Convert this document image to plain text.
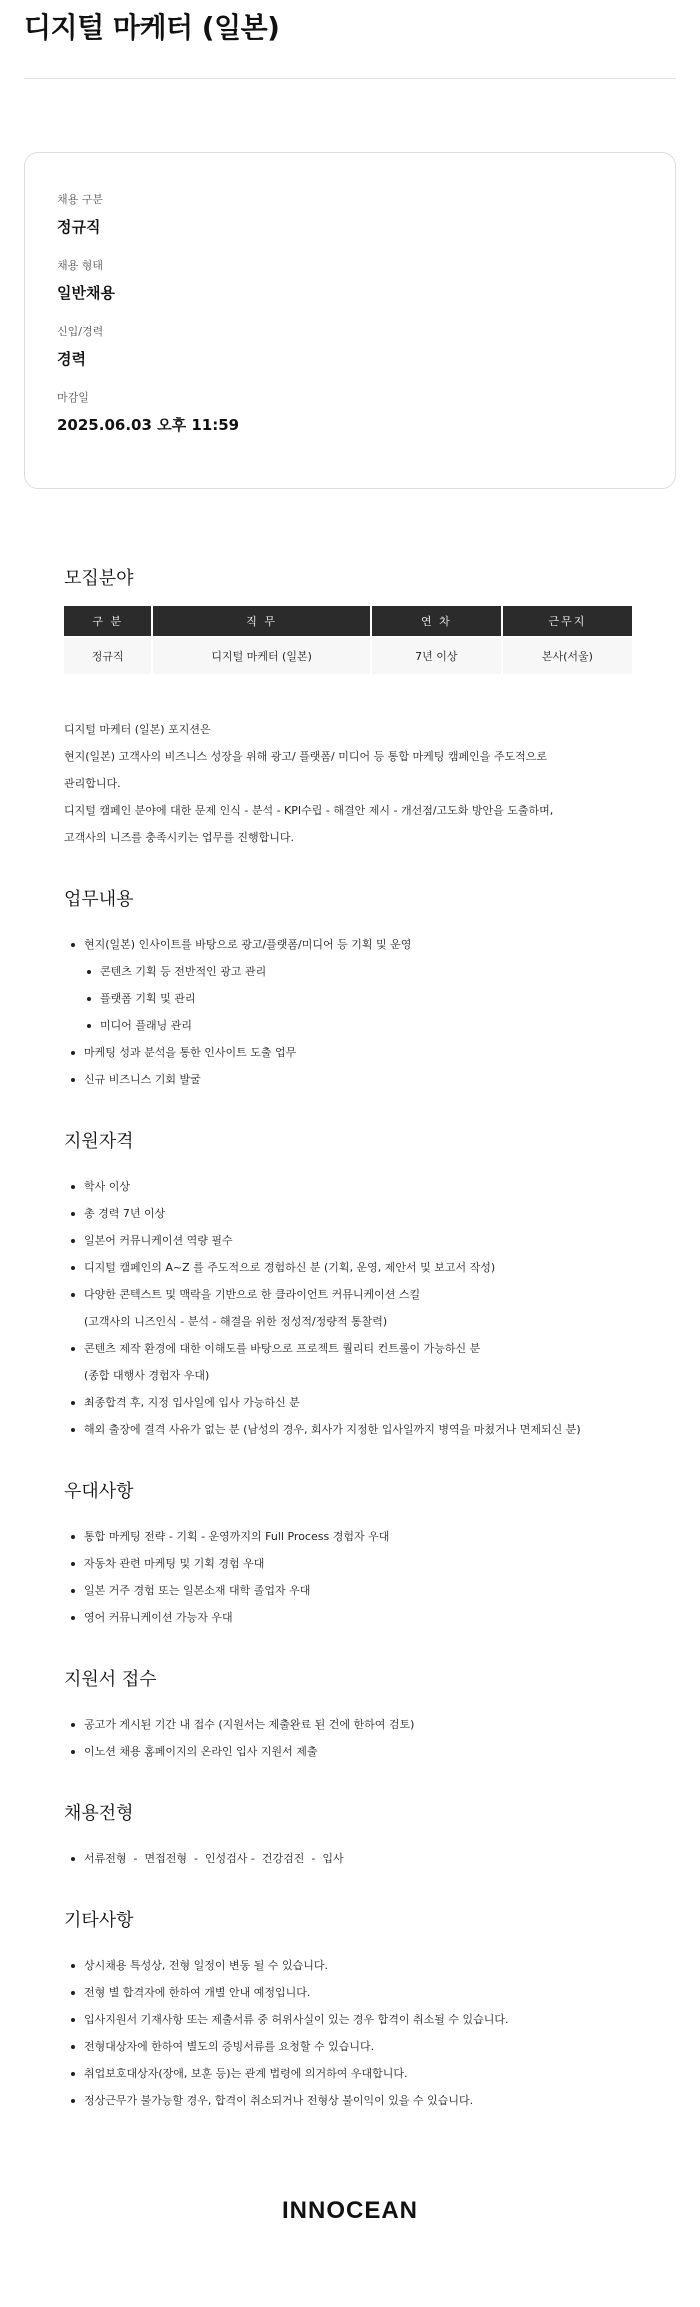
디지털 마케터 (일본)
채용 구분
정규직
채용 형태
일반채용
신입/경력
경력
마감일
2025.06.03 오후 11:59
모집분야
구 분	직 무	연 차	근무지
정규직	디지털 마케터 (일본)	7년 이상	본사(서울)
디지털 마케터 (일본) 포지션은
현지(일본) 고객사의 비즈니스 성장을 위해 광고/ 플랫폼/ 미디어 등 통합 마케팅 캠페인을 주도적으로
관리합니다.
디지털 캠페인 분야에 대한 문제 인식 - 분석 - KPI수립 - 해결안 제시 - 개선점/고도화 방안을 도출하며,
고객사의 니즈를 충족시키는 업무를 진행합니다.
업무내용
현지(일본) 인사이트를 바탕으로 광고/플랫폼/미디어 등 기획 및 운영
콘텐츠 기획 등 전반적인 광고 관리
플랫폼 기획 및 관리
미디어 플래닝 관리
마케팅 성과 분석을 통한 인사이트 도출 업무
신규 비즈니스 기회 발굴
지원자격
학사 이상
총 경력 7년 이상
일본어 커뮤니케이션 역량 필수
디지털 캠페인의 A~Z 를 주도적으로 경험하신 분 (기획, 운영, 제안서 및 보고서 작성)
다양한 콘텍스트 및 맥락을 기반으로 한 클라이언트 커뮤니케이션 스킬
(고객사의 니즈인식 - 분석 - 해결을 위한 정성적/정량적 통찰력)
콘텐츠 제작 환경에 대한 이해도를 바탕으로 프로젝트 퀄리티 컨트롤이 가능하신 분
(종합 대행사 경험자 우대)
최종합격 후, 지정 입사일에 입사 가능하신 분
해외 출장에 결격 사유가 없는 분 (남성의 경우, 회사가 지정한 입사일까지 병역을 마쳤거나 면제되신 분)
우대사항
통합 마케팅 전략 - 기획 - 운영까지의 Full Process 경험자 우대
자동차 관련 마케팅 및 기획 경험 우대
일본 거주 경험 또는 일본소재 대학 졸업자 우대
영어 커뮤니케이션 가능자 우대
지원서 접수
공고가 게시된 기간 내 접수 (지원서는 제출완료 된 건에 한하여 검토)
이노션 채용 홈페이지의 온라인 입사 지원서 제출
채용전형
서류전형  -  면접전형  -  인성검사 -  건강검진  -  입사
기타사항
상시채용 특성상, 전형 일정이 변동 될 수 있습니다.
전형 별 합격자에 한하여 개별 안내 예정입니다.
입사지원서 기재사항 또는 제출서류 중 허위사실이 있는 경우 합격이 취소될 수 있습니다.
전형대상자에 한하여 별도의 증빙서류를 요청할 수 있습니다.
취업보호대상자(장애, 보훈 등)는 관계 법령에 의거하여 우대합니다.
정상근무가 불가능할 경우, 합격이 취소되거나 전형상 불이익이 있을 수 있습니다.
INNOCEAN
